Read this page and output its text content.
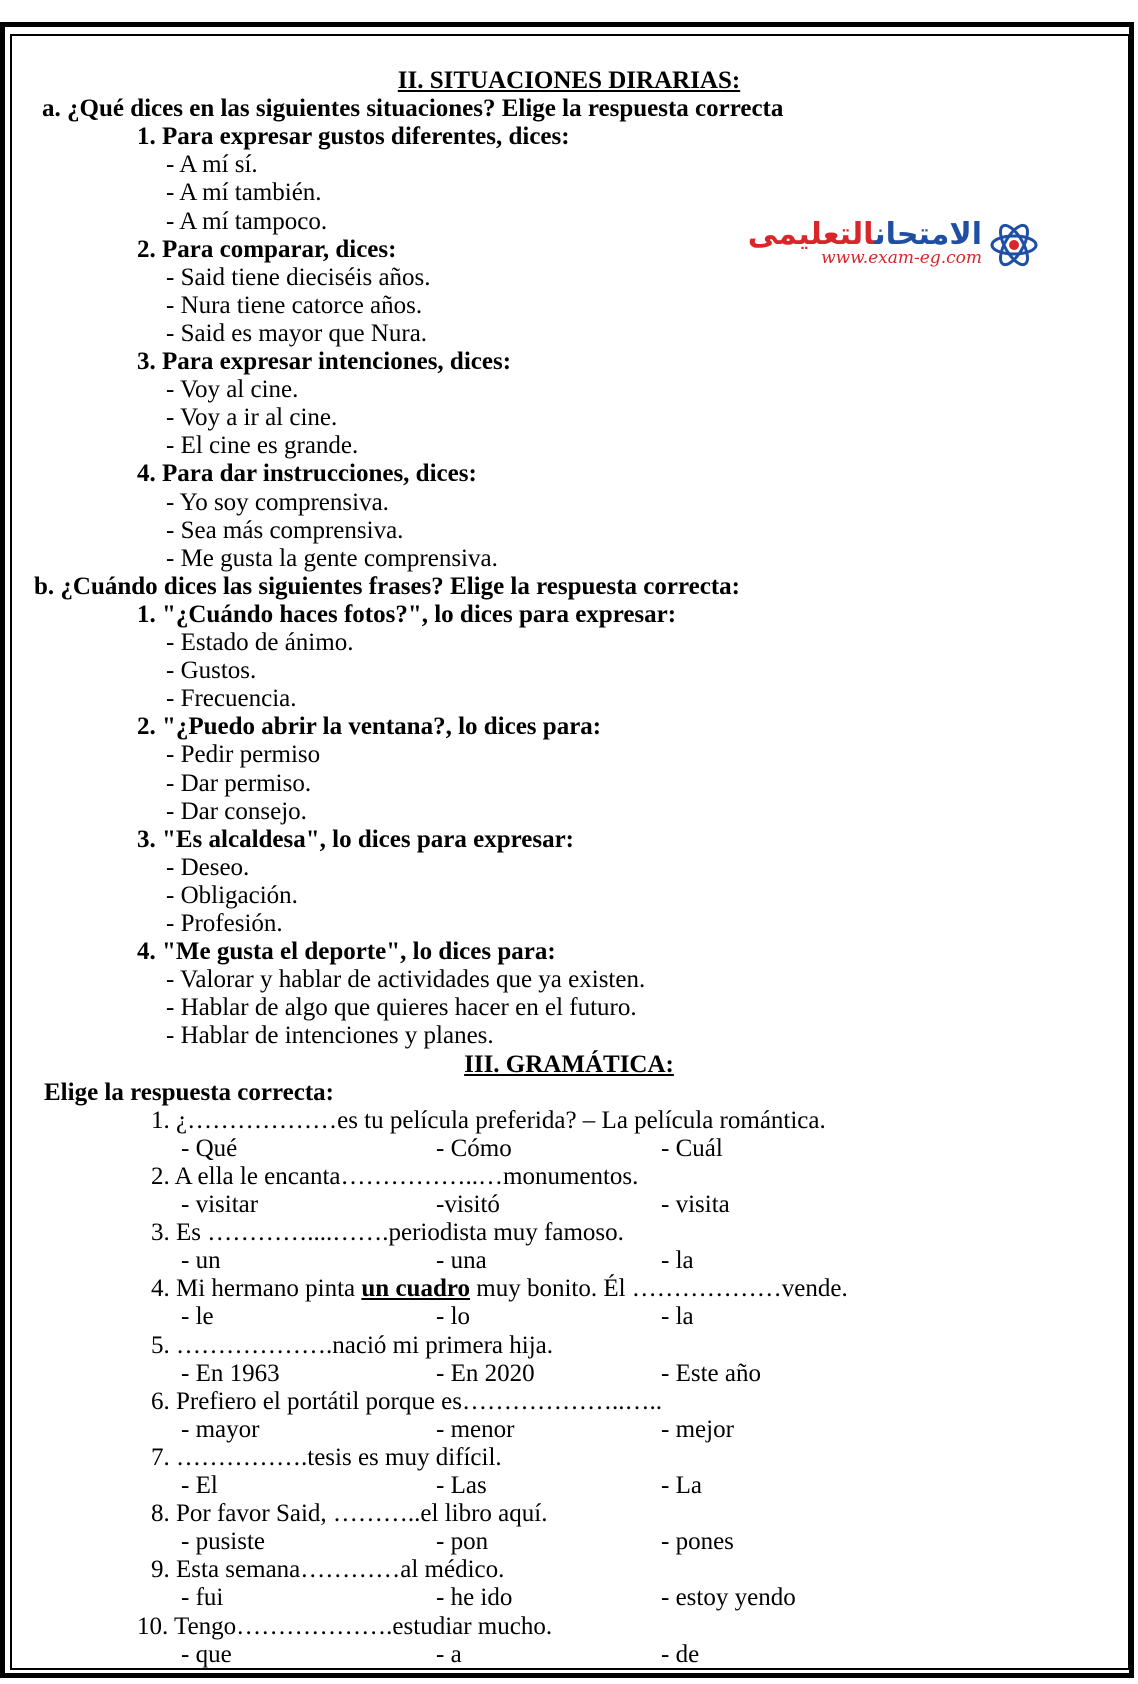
II. SITUACIONES DIRARIAS:
a. ¿Qué dices en las siguientes situaciones? Elige la respuesta correcta
1. Para expresar gustos diferentes, dices:
- A mí sí.
- A mí también.
- A mí tampoco.
2. Para comparar, dices:
- Said tiene dieciséis años.
- Nura tiene catorce años.
- Said es mayor que Nura.
3. Para expresar intenciones, dices:
- Voy al cine.
- Voy a ir al cine.
- El cine es grande.
4. Para dar instrucciones, dices:
- Yo soy comprensiva.
- Sea más comprensiva.
- Me gusta la gente comprensiva.
b. ¿Cuándo dices las siguientes frases? Elige la respuesta correcta:
1. "¿Cuándo haces fotos?", lo dices para expresar:
- Estado de ánimo.
- Gustos.
- Frecuencia.
2. "¿Puedo abrir la ventana?, lo dices para:
- Pedir permiso
- Dar permiso.
- Dar consejo.
3. "Es alcaldesa", lo dices para expresar:
- Deseo.
- Obligación.
- Profesión.
4. "Me gusta el deporte", lo dices para:
- Valorar y hablar de actividades que ya existen.
- Hablar de algo que quieres hacer en el futuro.
- Hablar de intenciones y planes.
III. GRAMÁTICA:
Elige la respuesta correcta:
1. ¿………………es tu película preferida? – La película romántica.
- Qué	- Cómo	- Cuál
2. A ella le encanta……………..…monumentos.
- visitar	-visitó	- visita
3. Es …………....…….periodista muy famoso.
- un	- una	- la
4. Mi hermano pinta un cuadro muy bonito. Él ………………vende.
- le	- lo	- la
5. ……………….nació mi primera hija.
- En 1963	- En 2020	- Este año
6. Prefiero el portátil porque es………………..…..
- mayor	- menor	- mejor
7. …………….tesis es muy difícil.
- El	- Las	- La
8. Por favor Said, ………..el libro aquí.
- pusiste	- pon	- pones
9. Esta semana…………al médico.
- fui	- he ido	- estoy yendo
10. Tengo……………….estudiar mucho.
- que	- a	- de
الامتحانالتعليمى
www.exam-eg.com
